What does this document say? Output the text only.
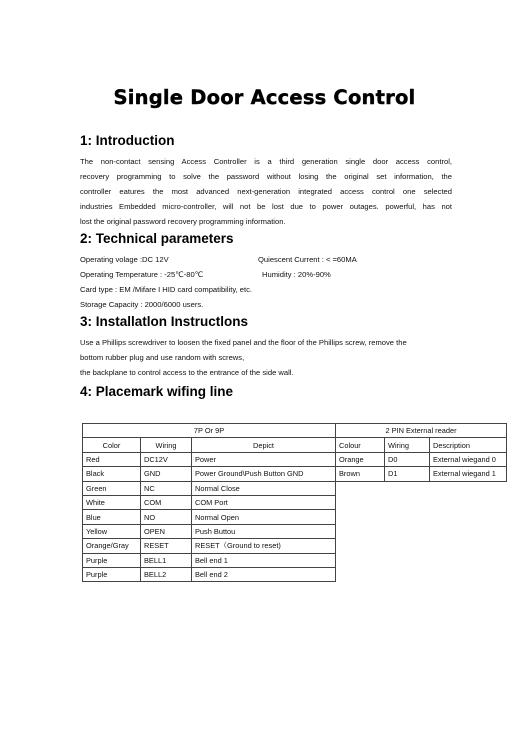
Single Door Access Control
1: Introduction
The non-contact sensing Access Controller is a third generation single door access control,
recovery programming to solve the password without losing the original set information, the
controller eatures the most advanced next-generation integrated access control one selected
industries Embedded micro-controller, will not be lost due to power outages. powerful, has not
lost the original password recovery programming information.
2: Technical parameters
Operating volage :DC 12V	Quiescent Current : < =60MA
Operating Temperature : -25℃-80℃	Humidity : 20%-90%
Card type : EM /Mifare I HID card compatibility, etc.
Storage Capacity : 2000/6000 users.
3: Installatlon Instructlons
Use a Phillips screwdriver to loosen the fixed panel and the floor of the Phillips screw, remove the
bottom rubber plug and use random with screws,
the backplane to control access to the entrance of the side wall.
4: Placemark wifing line
7P Or 9P			2 PIN External reader		
Color	Wiring	Depict	Colour	Wiring	Description
Red	DC12V	Power	Orange	D0	External wiegand 0
Black	GND	Power Ground\Push Button GND	Brown	D1	External wiegand 1
Green	NC	Normal Close			
White	COM	COM Port			
Blue	NO	Normal Open			
Yellow	OPEN	Push Buttou			
Orange/Gray	RESET	RESET（Ground to reset)			
Purple	BELL1	Bell end 1			
Purple	BELL2	Bell end 2			
